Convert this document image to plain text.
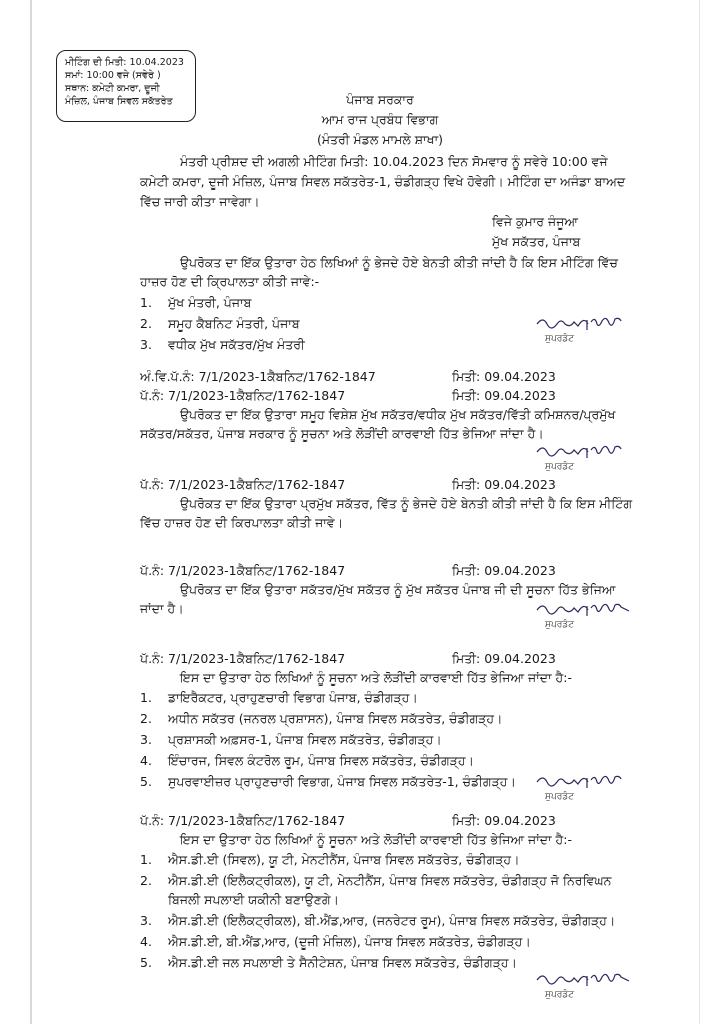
ਮੀਟਿੰਗ ਦੀ ਮਿਤੀ: 10.04.2023
ਸਮਾਂ: 10:00 ਵਜੇ (ਸਵੇਰੇ )
ਸਥਾਨ: ਕਮੇਟੀ ਕਮਰਾ, ਦੂਜੀ
ਮੰਜ਼ਿਲ, ਪੰਜਾਬ ਸਿਵਲ ਸਕੱਤਰੇਤ	ਪੰਜਾਬ ਸਰਕਾਰ
ਆਮ ਰਾਜ ਪ੍ਰਬੰਧ ਵਿਭਾਗ
(ਮੰਤਰੀ ਮੰਡਲ ਮਾਮਲੇ ਸ਼ਾਖਾ)
ਮੰਤਰੀ ਪ੍ਰੀਸ਼ਦ ਦੀ ਅਗਲੀ ਮੀਟਿੰਗ ਮਿਤੀ: 10.04.2023 ਦਿਨ ਸੋਮਵਾਰ ਨੂੰ ਸਵੇਰੇ 10:00 ਵਜੇ
ਕਮੇਟੀ ਕਮਰਾ, ਦੂਜੀ ਮੰਜ਼ਿਲ, ਪੰਜਾਬ ਸਿਵਲ ਸਕੱਤਰੇਤ-1, ਚੰਡੀਗੜ੍ਹ ਵਿਖੇ ਹੋਵੇਗੀ। ਮੀਟਿੰਗ ਦਾ ਅਜੰਡਾ ਬਾਅਦ
ਵਿੱਚ ਜਾਰੀ ਕੀਤਾ ਜਾਵੇਗਾ।
ਵਿਜੇ ਕੁਮਾਰ ਜੰਜੂਆ
ਮੁੱਖ ਸਕੱਤਰ, ਪੰਜਾਬ
ਉਪਰੋਕਤ ਦਾ ਇੱਕ ਉਤਾਰਾ ਹੇਠ ਲਿਖਿਆਂ ਨੂੰ ਭੇਜਦੇ ਹੋਏ ਬੇਨਤੀ ਕੀਤੀ ਜਾਂਦੀ ਹੈ ਕਿ ਇਸ ਮੀਟਿੰਗ ਵਿੱਚ
ਹਾਜ਼ਰ ਹੋਣ ਦੀ ਕ੍ਰਿਪਾਲਤਾ ਕੀਤੀ ਜਾਵੇ:-
1. ਮੁੱਖ ਮੰਤਰੀ, ਪੰਜਾਬ
2. ਸਮੂਹ ਕੈਬਨਿਟ ਮੰਤਰੀ, ਪੰਜਾਬ
3. ਵਧੀਕ ਮੁੱਖ ਸਕੱਤਰ/ਮੁੱਖ ਮੰਤਰੀ	ਸੁਪਰਡੰਟ
ਅੰ.ਵਿ.ਪੱ.ਨੰ: 7/1/2023-1ਕੈਬਨਿਟ/1762-1847	ਮਿਤੀ: 09.04.2023
ਪੱ.ਨੰ: 7/1/2023-1ਕੈਬਨਿਟ/1762-1847	ਮਿਤੀ: 09.04.2023
ਉਪਰੋਕਤ ਦਾ ਇੱਕ ਉਤਾਰਾ ਸਮੂਹ ਵਿਸ਼ੇਸ਼ ਮੁੱਖ ਸਕੱਤਰ/ਵਧੀਕ ਮੁੱਖ ਸਕੱਤਰ/ਵਿੱਤੀ ਕਮਿਸ਼ਨਰ/ਪ੍ਰਮੁੱਖ
ਸਕੱਤਰ/ਸਕੱਤਰ, ਪੰਜਾਬ ਸਰਕਾਰ ਨੂੰ ਸੂਚਨਾ ਅਤੇ ਲੋੜੀਂਦੀ ਕਾਰਵਾਈ ਹਿੱਤ ਭੇਜਿਆ ਜਾਂਦਾ ਹੈ।
ਸੁਪਰਡੰਟ
ਪੱ.ਨੰ: 7/1/2023-1ਕੈਬਨਿਟ/1762-1847	ਮਿਤੀ: 09.04.2023
ਉਪਰੋਕਤ ਦਾ ਇੱਕ ਉਤਾਰਾ ਪ੍ਰਮੁੱਖ ਸਕੱਤਰ, ਵਿੱਤ ਨੂੰ ਭੇਜਦੇ ਹੋਏ ਬੇਨਤੀ ਕੀਤੀ ਜਾਂਦੀ ਹੈ ਕਿ ਇਸ ਮੀਟਿੰਗ
ਵਿੱਚ ਹਾਜ਼ਰ ਹੋਣ ਦੀ ਕਿਰਪਾਲਤਾ ਕੀਤੀ ਜਾਵੇ।
ਪੱ.ਨੰ: 7/1/2023-1ਕੈਬਨਿਟ/1762-1847	ਮਿਤੀ: 09.04.2023
ਉਪਰੋਕਤ ਦਾ ਇੱਕ ਉਤਾਰਾ ਸਕੱਤਰ/ਮੁੱਖ ਸਕੱਤਰ ਨੂੰ ਮੁੱਖ ਸਕੱਤਰ ਪੰਜਾਬ ਜੀ ਦੀ ਸੂਚਨਾ ਹਿੱਤ ਭੇਜਿਆ
ਜਾਂਦਾ ਹੈ।
ਸੁਪਰਡੰਟ
ਪੱ.ਨੰ: 7/1/2023-1ਕੈਬਨਿਟ/1762-1847	ਮਿਤੀ: 09.04.2023
ਇਸ ਦਾ ਉਤਾਰਾ ਹੇਠ ਲਿਖਿਆਂ ਨੂੰ ਸੂਚਨਾ ਅਤੇ ਲੋੜੀਂਦੀ ਕਾਰਵਾਈ ਹਿੱਤ ਭੇਜਿਆ ਜਾਂਦਾ ਹੈ:-
1. ਡਾਇਰੈਕਟਰ, ਪ੍ਰਾਹੁਣਚਾਰੀ ਵਿਭਾਗ ਪੰਜਾਬ, ਚੰਡੀਗੜ੍ਹ।
2. ਅਧੀਨ ਸਕੱਤਰ (ਜਨਰਲ ਪ੍ਰਸ਼ਾਸਨ), ਪੰਜਾਬ ਸਿਵਲ ਸਕੱਤਰੇਤ, ਚੰਡੀਗੜ੍ਹ।
3. ਪ੍ਰਸ਼ਾਸਕੀ ਅਫ਼ਸਰ-1, ਪੰਜਾਬ ਸਿਵਲ ਸਕੱਤਰੇਤ, ਚੰਡੀਗੜ੍ਹ।
4. ਇੰਚਾਰਜ, ਸਿਵਲ ਕੰਟਰੋਲ ਰੂਮ, ਪੰਜਾਬ ਸਿਵਲ ਸਕੱਤਰੇਤ, ਚੰਡੀਗੜ੍ਹ।
5. ਸੁਪਰਵਾਈਜ਼ਰ ਪ੍ਰਾਹੁਣਚਾਰੀ ਵਿਭਾਗ, ਪੰਜਾਬ ਸਿਵਲ ਸਕੱਤਰੇਤ-1, ਚੰਡੀਗੜ੍ਹ।
ਸੁਪਰਡੰਟ
ਪੱ.ਨੰ: 7/1/2023-1ਕੈਬਨਿਟ/1762-1847	ਮਿਤੀ: 09.04.2023
ਇਸ ਦਾ ਉਤਾਰਾ ਹੇਠ ਲਿਖਿਆਂ ਨੂੰ ਸੂਚਨਾ ਅਤੇ ਲੋੜੀਂਦੀ ਕਾਰਵਾਈ ਹਿੱਤ ਭੇਜਿਆ ਜਾਂਦਾ ਹੈ:-
1. ਐਸ.ਡੀ.ਈ (ਸਿਵਲ), ਯੂ ਟੀ, ਮੇਨਟੀਨੈਂਸ, ਪੰਜਾਬ ਸਿਵਲ ਸਕੱਤਰੇਤ, ਚੰਡੀਗੜ੍ਹ।
2. ਐਸ.ਡੀ.ਈ (ਇਲੈਕਟ੍ਰੀਕਲ), ਯੂ ਟੀ, ਮੇਨਟੀਨੈਂਸ, ਪੰਜਾਬ ਸਿਵਲ ਸਕੱਤਰੇਤ, ਚੰਡੀਗੜ੍ਹ ਜੋ ਨਿਰਵਿਘਨ
ਬਿਜਲੀ ਸਪਲਾਈ ਯਕੀਨੀ ਬਣਾਉਣਗੇ।
3. ਐਸ.ਡੀ.ਈ (ਇਲੈਕਟ੍ਰੀਕਲ), ਬੀ.ਐਂਡ,ਆਰ, (ਜਨਰੇਟਰ ਰੂਮ), ਪੰਜਾਬ ਸਿਵਲ ਸਕੱਤਰੇਤ, ਚੰਡੀਗੜ੍ਹ।
4. ਐਸ.ਡੀ.ਈ, ਬੀ.ਐਂਡ,ਆਰ, (ਦੂਜੀ ਮੰਜ਼ਿਲ), ਪੰਜਾਬ ਸਿਵਲ ਸਕੱਤਰੇਤ, ਚੰਡੀਗੜ੍ਹ।
5. ਐਸ.ਡੀ.ਈ ਜਲ ਸਪਲਾਈ ਤੇ ਸੈਨੀਟੇਸ਼ਨ, ਪੰਜਾਬ ਸਿਵਲ ਸਕੱਤਰੇਤ, ਚੰਡੀਗੜ੍ਹ।
ਸੁਪਰਡੰਟ
